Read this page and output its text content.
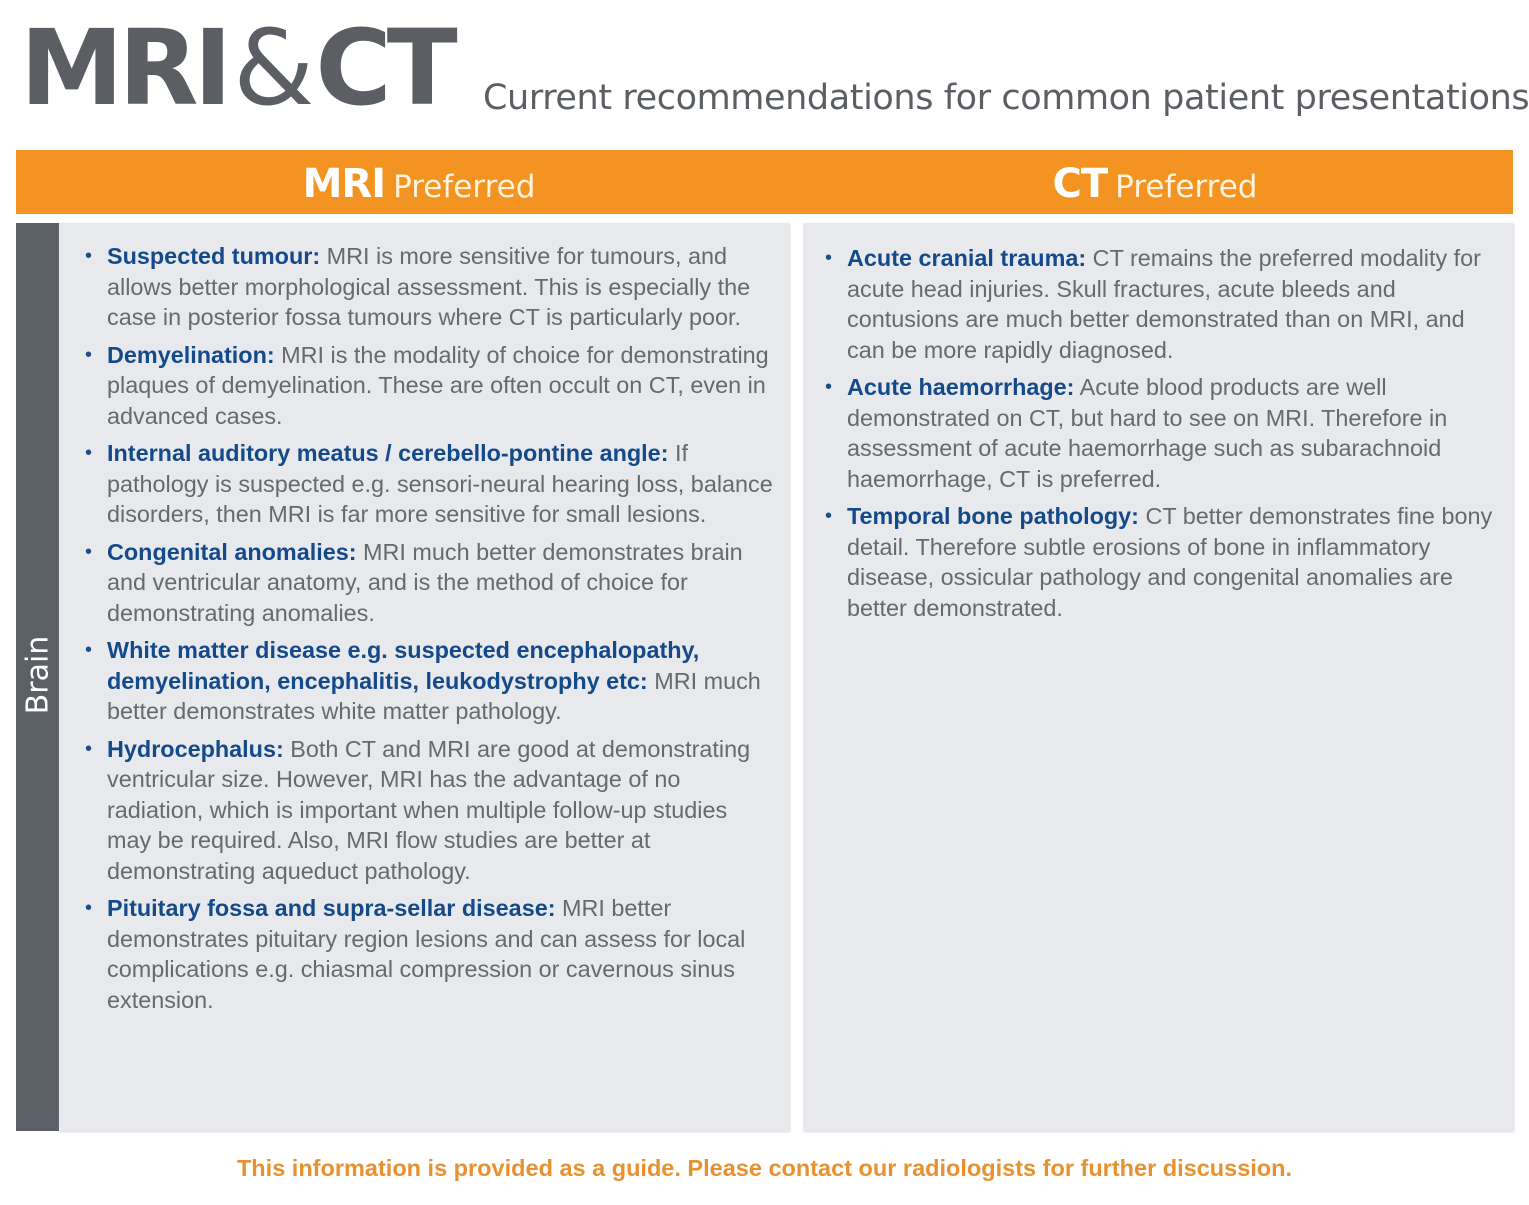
MRI&CT Current recommendations for common patient presentations
MRI Preferred	CT Preferred
Brain
• Suspected tumour: MRI is more sensitive for tumours, and allows better morphological assessment. This is especially the case in posterior fossa tumours where CT is particularly poor.
• Demyelination: MRI is the modality of choice for demonstrating plaques of demyelination. These are often occult on CT, even in advanced cases.
• Internal auditory meatus / cerebello-pontine angle: If pathology is suspected e.g. sensori-neural hearing loss, balance disorders, then MRI is far more sensitive for small lesions.
• Congenital anomalies: MRI much better demonstrates brain and ventricular anatomy, and is the method of choice for demonstrating anomalies.
• White matter disease e.g. suspected encephalopathy, demyelination, encephalitis, leukodystrophy etc: MRI much better demonstrates white matter pathology.
• Hydrocephalus: Both CT and MRI are good at demonstrating ventricular size. However, MRI has the advantage of no radiation, which is important when multiple follow-up studies may be required. Also, MRI flow studies are better at demonstrating aqueduct pathology.
• Pituitary fossa and supra-sellar disease: MRI better demonstrates pituitary region lesions and can assess for local complications e.g. chiasmal compression or cavernous sinus extension.
• Acute cranial trauma: CT remains the preferred modality for acute head injuries. Skull fractures, acute bleeds and contusions are much better demonstrated than on MRI, and can be more rapidly diagnosed.
• Acute haemorrhage: Acute blood products are well demonstrated on CT, but hard to see on MRI. Therefore in assessment of acute haemorrhage such as subarachnoid haemorrhage, CT is preferred.
• Temporal bone pathology: CT better demonstrates fine bony detail. Therefore subtle erosions of bone in inflammatory disease, ossicular pathology and congenital anomalies are better demonstrated.
This information is provided as a guide. Please contact our radiologists for further discussion.
